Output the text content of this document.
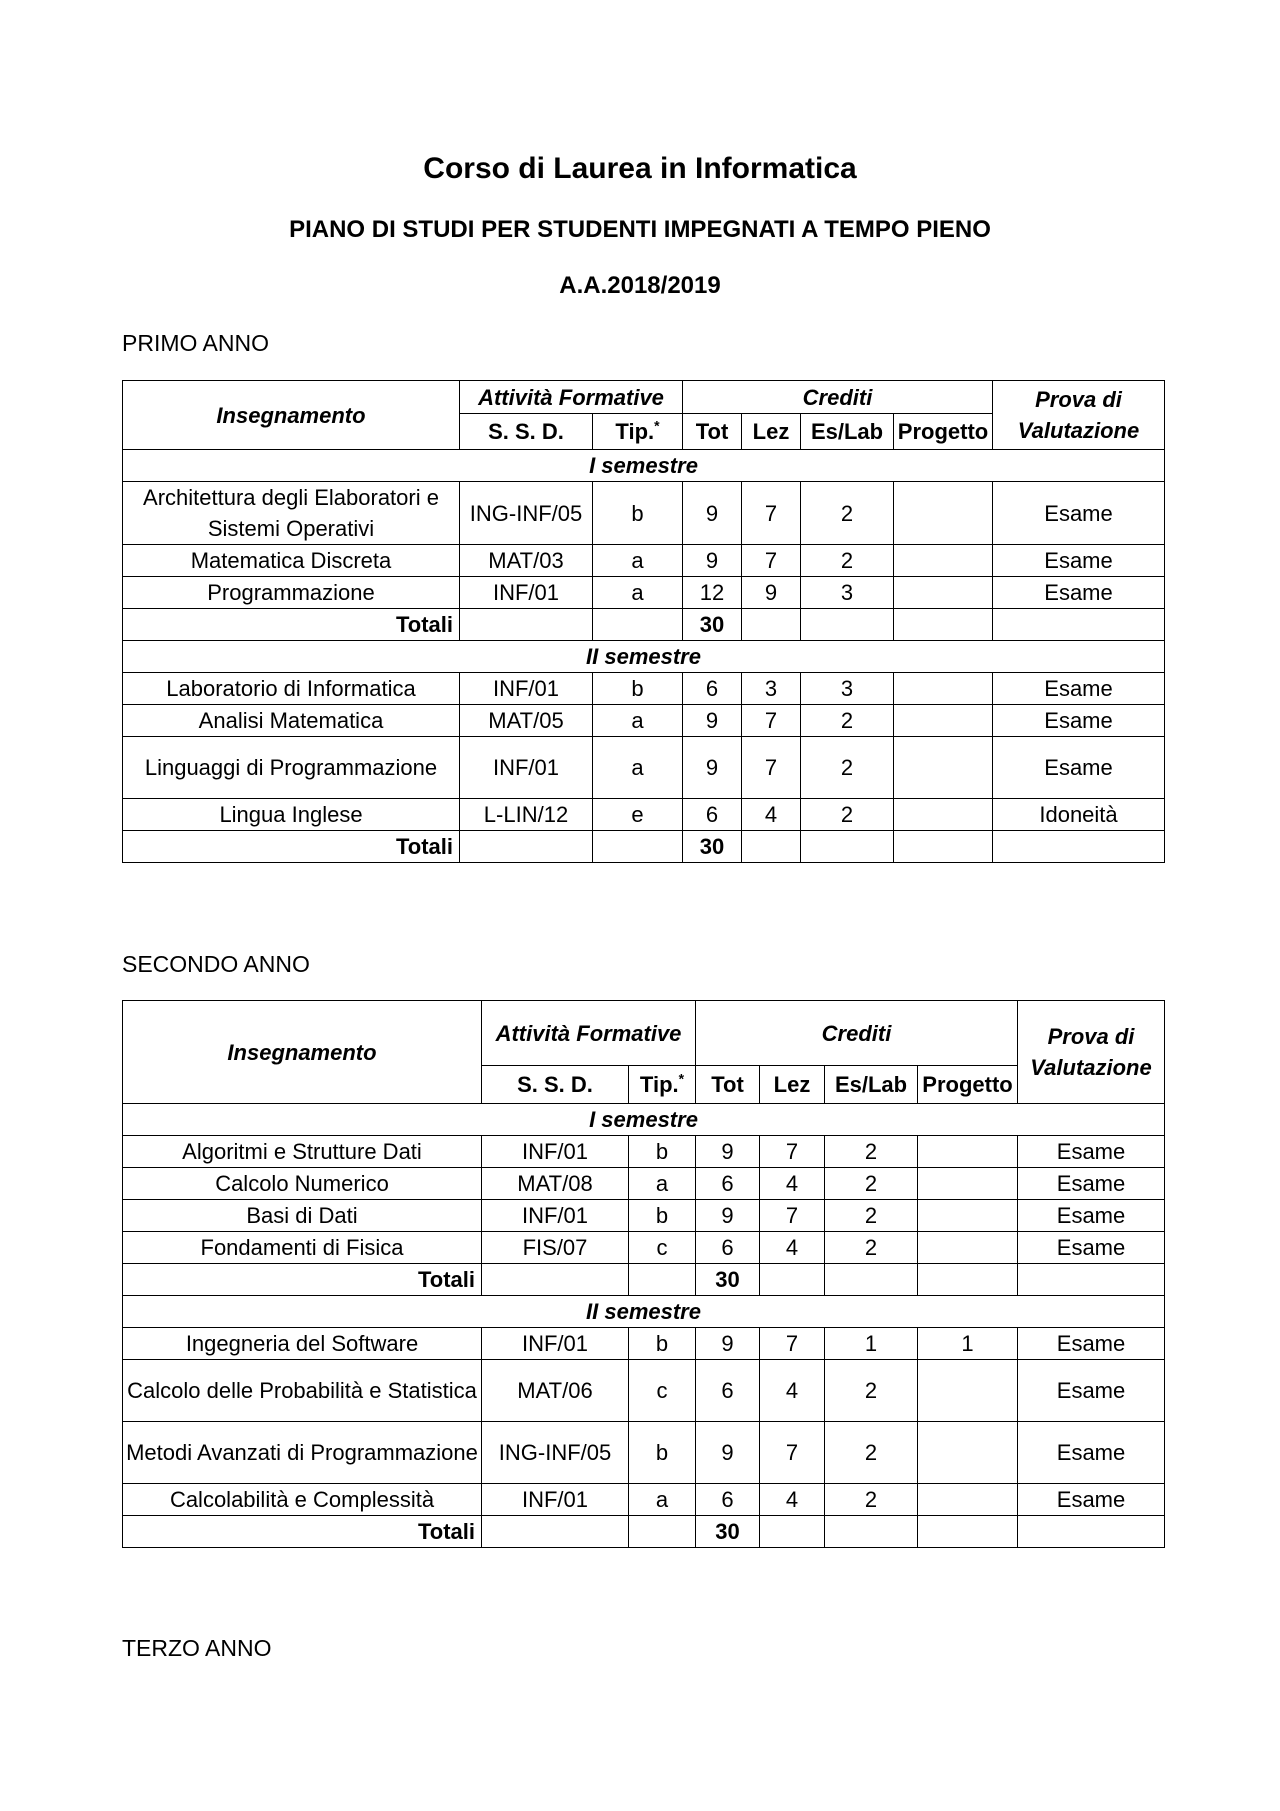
Corso di Laurea in Informatica
PIANO DI STUDI PER STUDENTI IMPEGNATI A TEMPO PIENO
A.A.2018/2019
PRIMO ANNO
Insegnamento	Attività Formative		Crediti				Prova di Valutazione
	S. S. D.	Tip.*	Tot	Lez	Es/Lab	Progetto	
I semestre							
Architettura degli Elaboratori e Sistemi Operativi	ING-INF/05	b	9	7	2		Esame
Matematica Discreta	MAT/03	a	9	7	2		Esame
Programmazione	INF/01	a	12	9	3		Esame
Totali			30				
II semestre							
Laboratorio di Informatica	INF/01	b	6	3	3		Esame
Analisi Matematica	MAT/05	a	9	7	2		Esame
Linguaggi di Programmazione	INF/01	a	9	7	2		Esame
Lingua Inglese	L-LIN/12	e	6	4	2		Idoneità
Totali			30				
SECONDO ANNO
Insegnamento	Attività Formative		Crediti				Prova di Valutazione
	S. S. D.	Tip.*	Tot	Lez	Es/Lab	Progetto	
I semestre							
Algoritmi e Strutture Dati	INF/01	b	9	7	2		Esame
Calcolo Numerico	MAT/08	a	6	4	2		Esame
Basi di Dati	INF/01	b	9	7	2		Esame
Fondamenti di Fisica	FIS/07	c	6	4	2		Esame
Totali			30				
II semestre							
Ingegneria del Software	INF/01	b	9	7	1	1	Esame
Calcolo delle Probabilità e Statistica	MAT/06	c	6	4	2		Esame
Metodi Avanzati di Programmazione	ING-INF/05	b	9	7	2		Esame
Calcolabilità e Complessità	INF/01	a	6	4	2		Esame
Totali			30				
TERZO ANNO
